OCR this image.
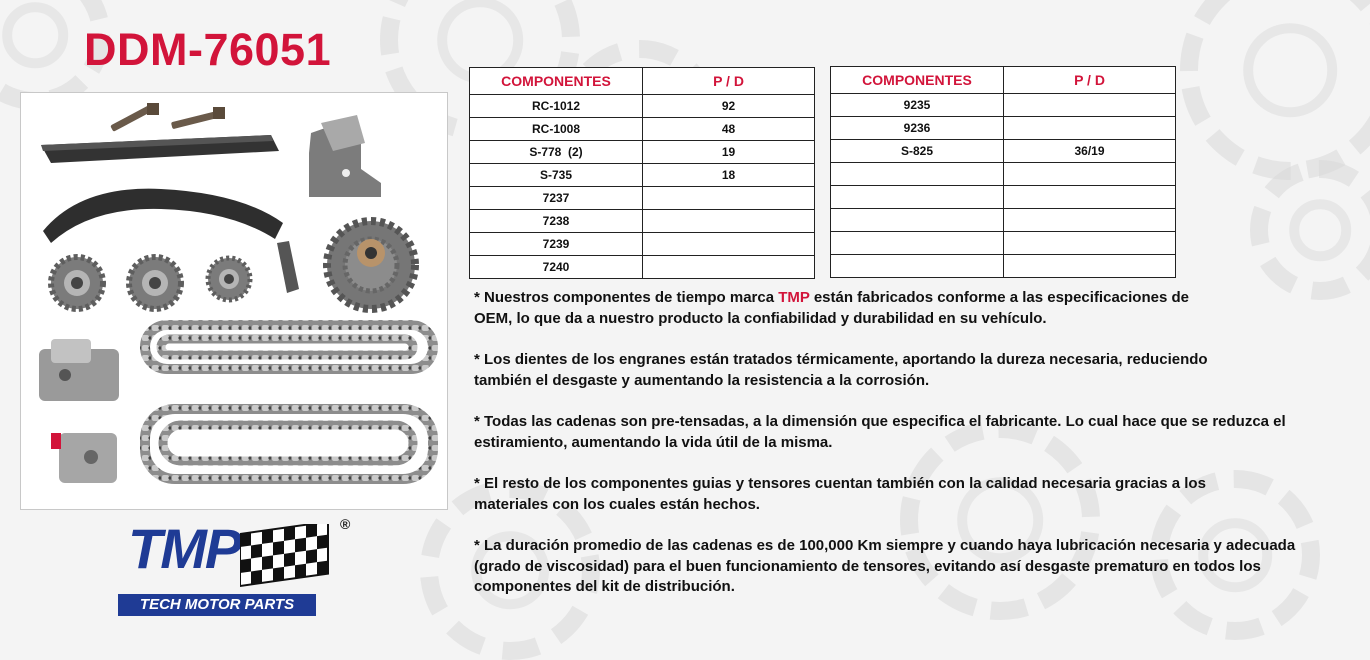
DDM-76051
TMP	®
TECH MOTOR PARTS
COMPONENTES	P / D
RC-1012	92
RC-1008	48
S-778  (2)	19
S-735	18
7237	
7238	
7239	
7240	
COMPONENTES	P / D
9235	
9236	
S-825	36/19

* Nuestros componentes de tiempo marca TMP están fabricados conforme a las especificaciones de OEM, lo que da a nuestro producto la confiabilidad y durabilidad en su vehículo.

* Los dientes de los engranes están tratados térmicamente, aportando la dureza necesaria, reduciendo también el desgaste y aumentando la resistencia a la corrosión.

* Todas las cadenas son pre-tensadas, a la dimensión que especifica el fabricante. Lo cual hace que se reduzca el estiramiento, aumentando la vida útil de la misma.

* El resto de los componentes guias y tensores cuentan también con la calidad necesaria gracias a los materiales con los cuales están hechos.

* La duración promedio de las cadenas es de 100,000 Km siempre y cuando haya lubricación necesaria y adecuada (grado de viscosidad) para el buen funcionamiento de tensores, evitando así desgaste prematuro en todos los componentes del kit de distribución.
